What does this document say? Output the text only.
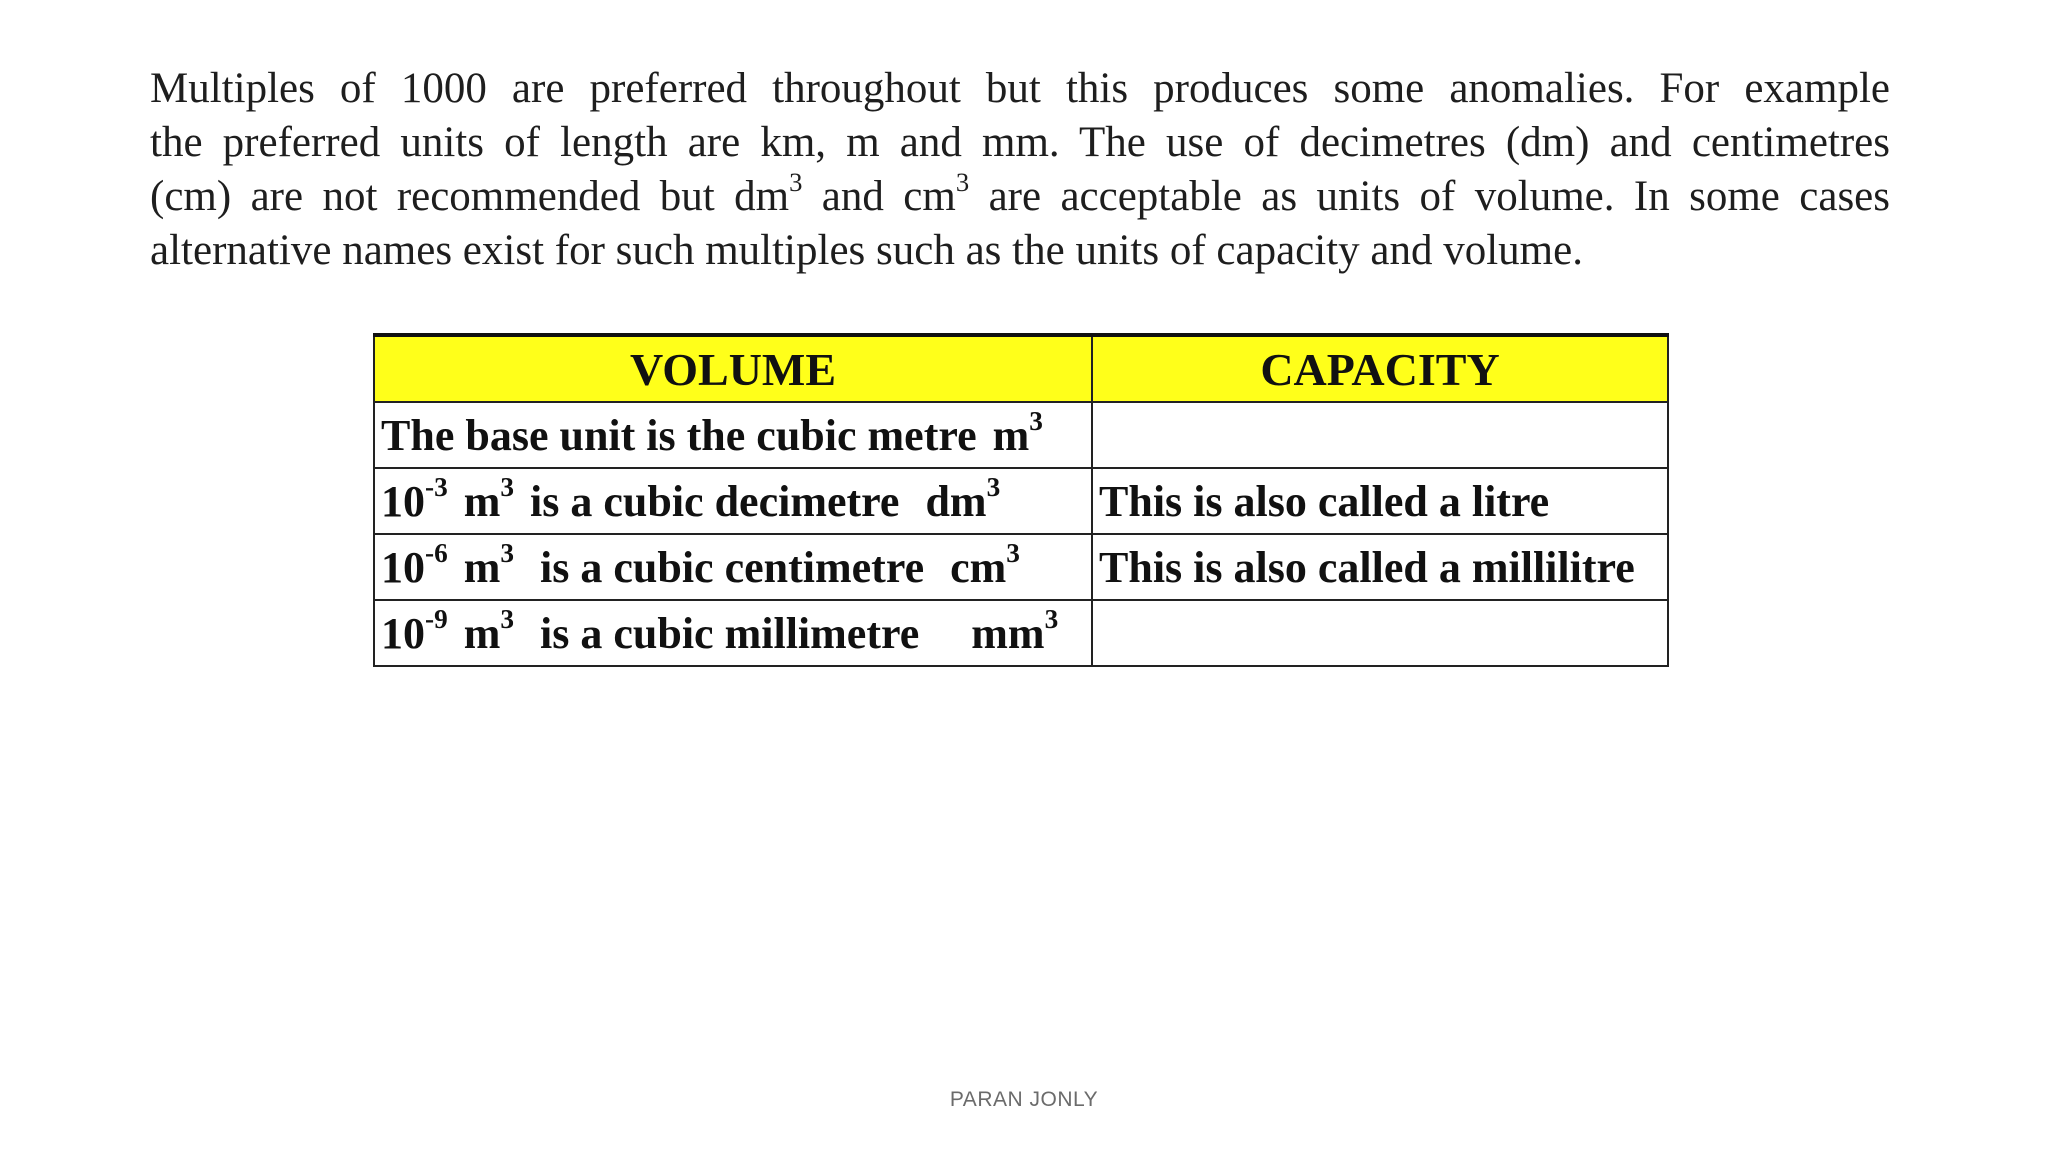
Multiples of 1000 are preferred throughout but this produces some anomalies. For example
the preferred units of length are km, m and mm. The use of decimetres (dm) and centimetres
(cm) are not recommended but $dm^3$ and $cm^3$ are acceptable as units of volume. In some cases
alternative names exist for such multiples such as the units of capacity and volume.
VOLUME	CAPACITY
The base unit is the cubic metre $m^3$	
$10^{-3}$ $m^3$ is a cubic decimetre $dm^3$	This is also called a litre
$10^{-6}$ $m^3$ is a cubic centimetre $cm^3$	This is also called a millilitre
$10^{-9}$ $m^3$ is a cubic millimetre $mm^3$	
PARAN JONLY
